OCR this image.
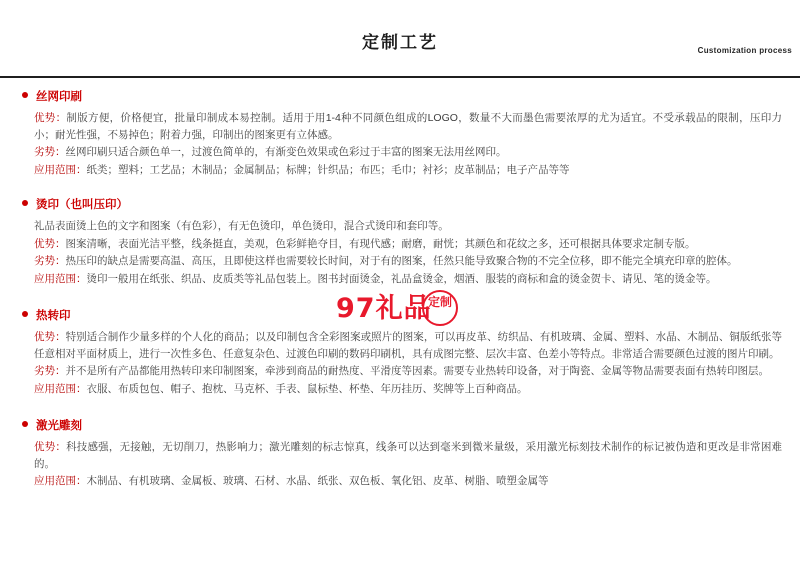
定制工艺	Customization process
丝网印刷

优势：制版方便，价格便宜，批量印制成本易控制。适用于用1-4种不同颜色组成的LOGO，数量不大而墨色需要浓厚的尤为适宜。不受承载品的限制，压印力小；耐光性强，不易掉色；附着力强，印制出的图案更有立体感。

劣势：丝网印刷只适合颜色单一，过渡色简单的，有渐变色效果或色彩过于丰富的图案无法用丝网印。

应用范围：纸类；塑料；工艺品；木制品；金属制品；标牌；针织品；布匹；毛巾；衬衫；皮革制品；电子产品等等

烫印（也叫压印）

礼品表面烫上色的文字和图案（有色彩），有无色烫印，单色烫印，混合式烫印和套印等。

优势：图案清晰，表面光洁平整，线条挺直，美观，色彩鲜艳夺目，有现代感；耐磨，耐恍；其颜色和花纹之多，还可根据具体要求定制专版。

劣势：热压印的缺点是需要高温、高压，且即使这样也需要较长时间，对于有的图案，任然只能导致聚合物的不完全位移，即不能完全填充印章的腔体。

应用范围：烫印一般用在纸张、织品、皮质类等礼品包装上。图书封面烫金，礼品盒烫金，烟酒、服装的商标和盒的烫金贺卡、请见、笔的烫金等。

热转印

优势：特别适合制作少量多样的个人化的商品；以及印制包含全彩图案或照片的图案，可以再皮革、纺织品、有机玻璃、金属、塑料、水晶、木制品、铜版纸张等任意相对平面材质上，进行一次性多色、任意复杂色、过渡色印刷的数码印刷机，具有成图完整、层次丰富、色差小等特点。非常适合需要颜色过渡的图片印刷。

劣势：并不是所有产品都能用热转印来印制图案，牵涉到商品的耐热度、平滑度等因素。需要专业热转印设备，对于陶瓷、金属等物品需要表面有热转印图层。

应用范围：衣服、布质包包、帽子、抱枕、马克杯、手表、鼠标垫、杯垫、年历挂历、奖牌等上百种商品。

激光雕刻

优势：科技感强，无接触，无切削刀，热影响力；激光雕刻的标志惊真，线条可以达到毫米到微米量级，采用激光标刻技术制作的标记被伪造和更改是非常困难的。

应用范围：木制品、有机玻璃、金属板、玻璃、石材、水晶、纸张、双色板、氧化铝、皮革、树脂、喷塑金属等

97礼品
定制
